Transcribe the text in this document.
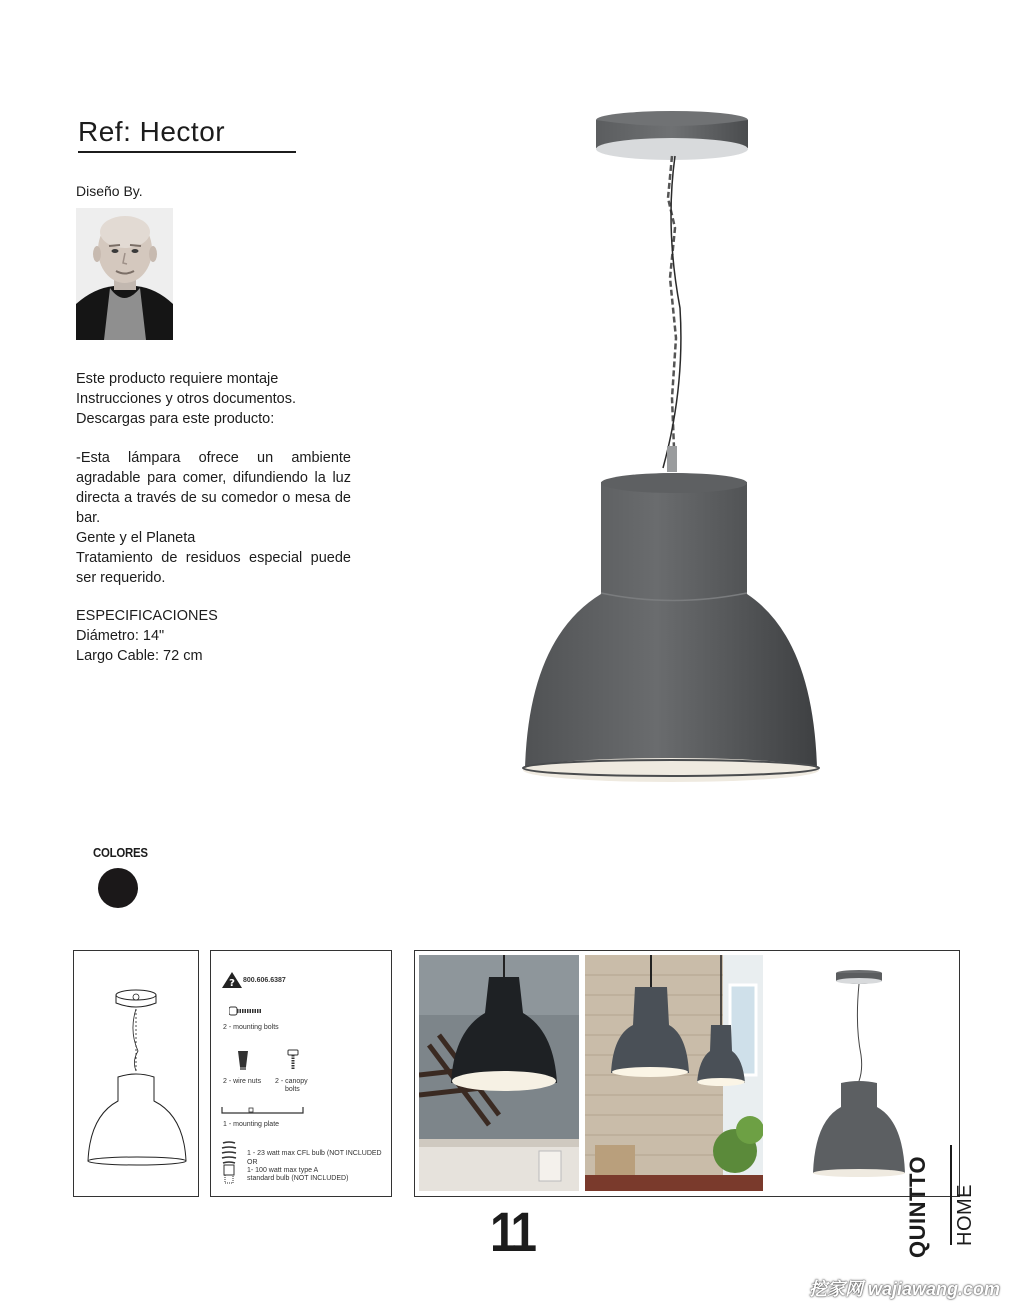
Ref: Hector
Diseño By.

Este producto requiere montaje

Instrucciones y otros documentos.

Descargas para este producto:

-Esta lámpara ofrece un ambiente agradable para comer, difundiendo la luz directa a través de su comedor o mesa de bar.

Gente y el Planeta

Tratamiento de residuos especial puede ser requerido.

ESPECIFICACIONES

Diámetro: 14"

Largo Cable: 72 cm

COLORES
? 800.606.6387
2 - mounting bolts
2 - wire nuts 2 - canopy
bolts
1 - mounting plate
1 - 23 watt max CFL bulb (NOT INCLUDED
OR
1- 100 watt max type A
standard bulb (NOT INCLUDED)
11	QUINTTO HOME
挖家网 wajiawang.com
